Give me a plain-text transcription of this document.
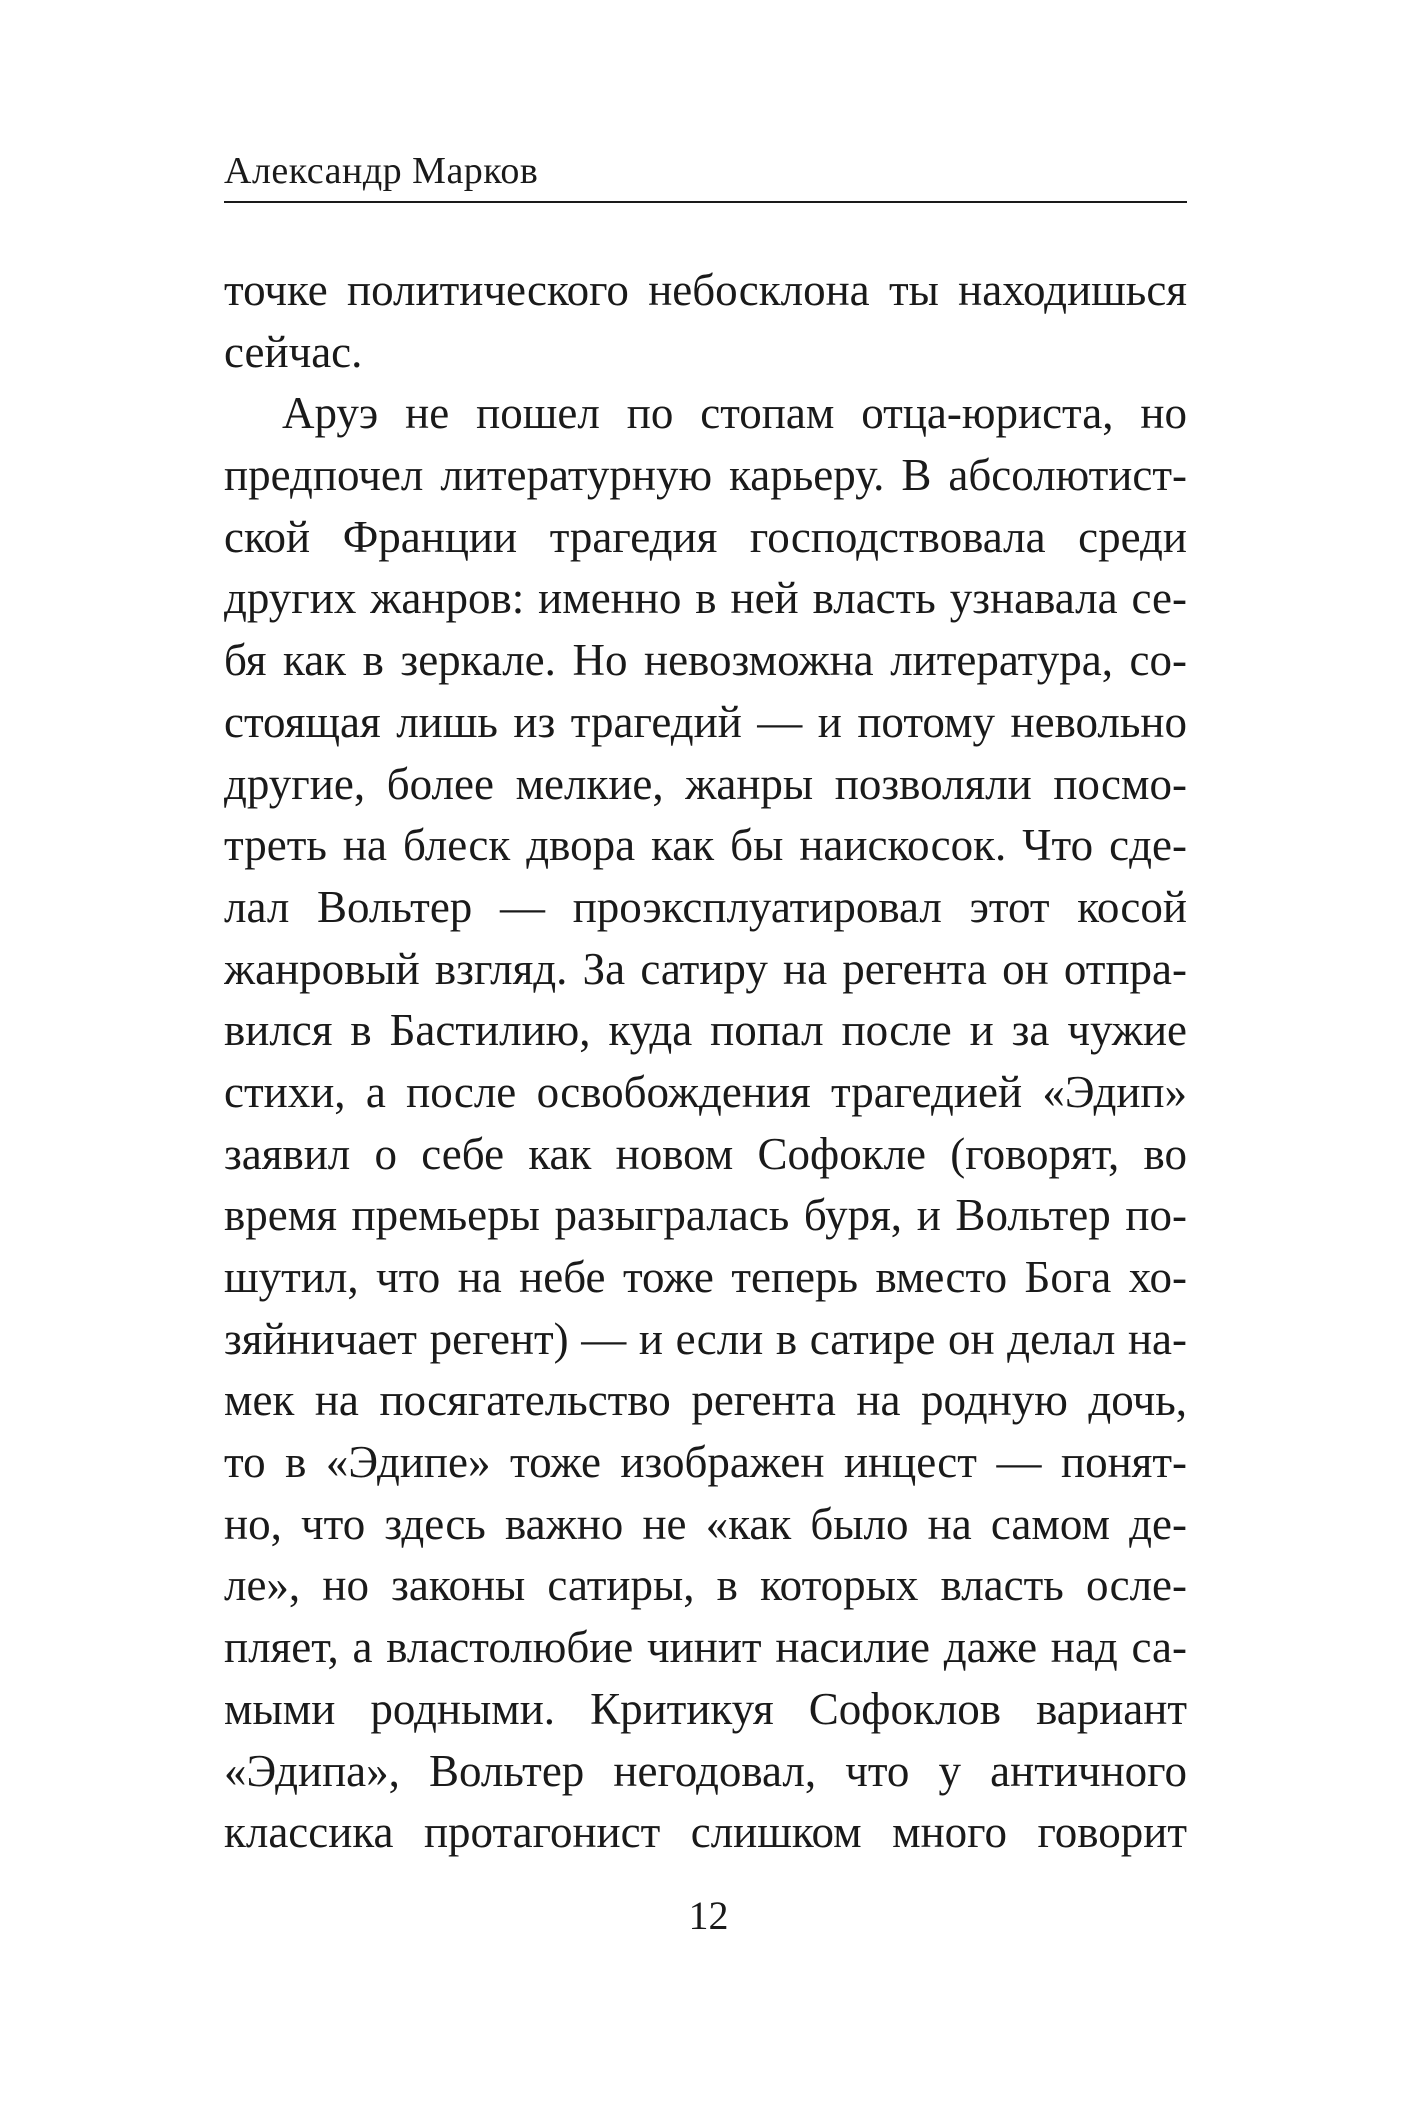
Александр Марков
точке политического небосклона ты находишься
сейчас.
Аруэ не пошел по стопам отца-юриста, но
предпочел литературную карьеру. В абсолютист-
ской Франции трагедия господствовала среди
других жанров: именно в ней власть узнавала се-
бя как в зеркале. Но невозможна литература, со-
стоящая лишь из трагедий — и потому невольно
другие, более мелкие, жанры позволяли посмо-
треть на блеск двора как бы наискосок. Что сде-
лал Вольтер — проэксплуатировал этот косой
жанровый взгляд. За сатиру на регента он отпра-
вился в Бастилию, куда попал после и за чужие
стихи, а после освобождения трагедией «Эдип»
заявил о себе как новом Софокле (говорят, во
время премьеры разыгралась буря, и Вольтер по-
шутил, что на небе тоже теперь вместо Бога хо-
зяйничает регент) — и если в сатире он делал на-
мек на посягательство регента на родную дочь,
то в «Эдипе» тоже изображен инцест — понят-
но, что здесь важно не «как было на самом де-
ле», но законы сатиры, в которых власть осле-
пляет, а властолюбие чинит насилие даже над са-
мыми родными. Критикуя Софоклов вариант
«Эдипа», Вольтер негодовал, что у античного
классика протагонист слишком много говорит
12
